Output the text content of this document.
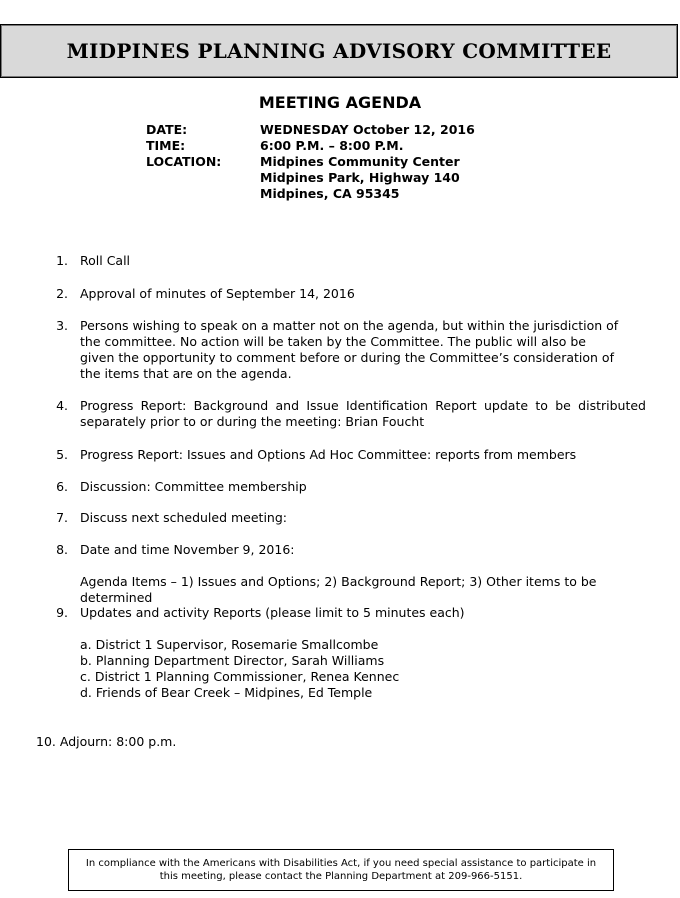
MIDPINES PLANNING ADVISORY COMMITTEE
MEETING AGENDA
DATE:	WEDNESDAY October 12, 2016
TIME:	6:00 P.M. – 8:00 P.M.
LOCATION:	Midpines Community Center
Midpines Park, Highway 140
Midpines, CA 95345
1. Roll Call
2. Approval of minutes of September 14, 2016
3. Persons wishing to speak on a matter not on the agenda, but within the jurisdiction of the committee. No action will be taken by the Committee. The public will also be given the opportunity to comment before or during the Committee’s consideration of the items that are on the agenda.
4. Progress Report: Background and Issue Identification Report update to be distributed separately prior to or during the meeting: Brian Foucht
5. Progress Report: Issues and Options Ad Hoc Committee: reports from members
6. Discussion: Committee membership
7. Discuss next scheduled meeting:
8. Date and time November 9, 2016:
Agenda Items – 1) Issues and Options; 2) Background Report; 3) Other items to be determined
9. Updates and activity Reports (please limit to 5 minutes each)
a. District 1 Supervisor, Rosemarie Smallcombe
b. Planning Department Director, Sarah Williams
c. District 1 Planning Commissioner, Renea Kennec
d. Friends of Bear Creek – Midpines, Ed Temple
10. Adjourn: 8:00 p.m.
In compliance with the Americans with Disabilities Act, if you need special assistance to participate in this meeting, please contact the Planning Department at 209-966-5151.
